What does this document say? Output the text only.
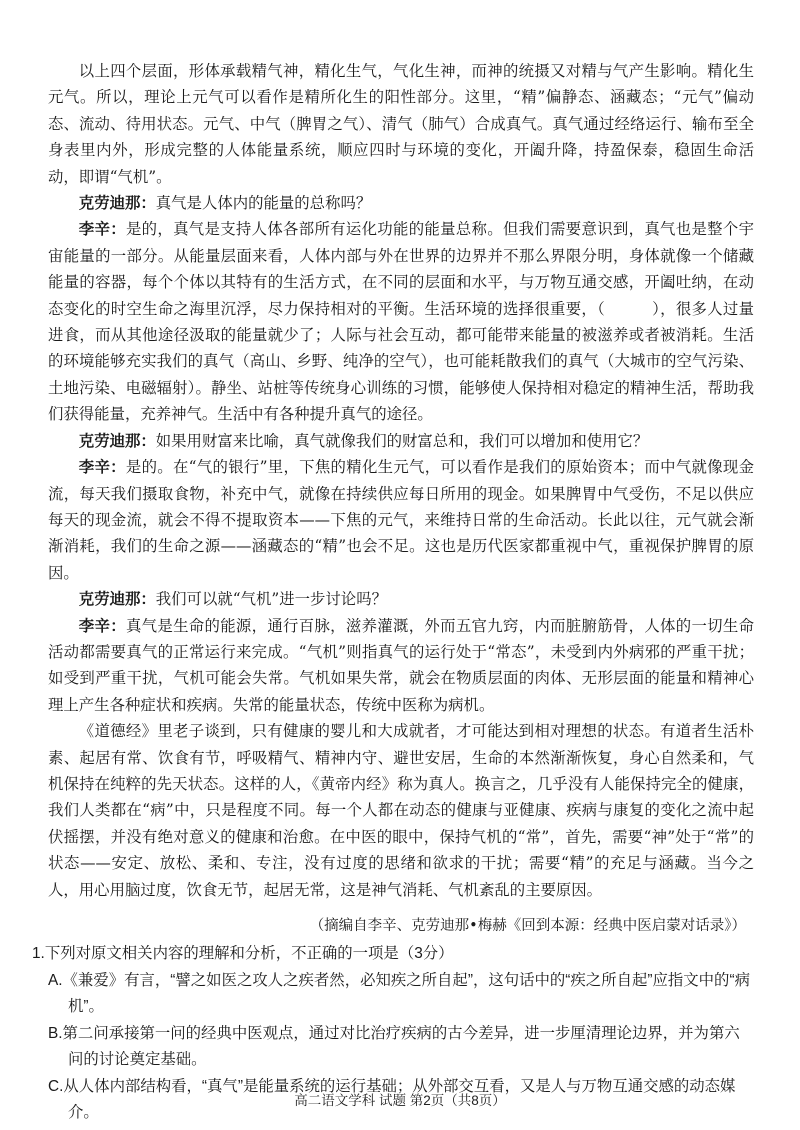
以上四个层面，形体承载精气神，精化生气，气化生神，而神的统摄又对精与气产生影响。精化生元气。所以，理论上元气可以看作是精所化生的阳性部分。这里，“精”偏静态、涵藏态；“元气”偏动态、流动、待用状态。元气、中气（脾胃之气）、清气（肺气）合成真气。真气通过经络运行、输布至全身表里内外，形成完整的人体能量系统，顺应四时与环境的变化，开阖升降，持盈保泰，稳固生命活动，即谓“气机”。

克劳迪那：真气是人体内的能量的总称吗？

李辛：是的，真气是支持人体各部所有运化功能的能量总称。但我们需要意识到，真气也是整个宇宙能量的一部分。从能量层面来看，人体内部与外在世界的边界并不那么界限分明，身体就像一个储藏能量的容器，每个个体以其特有的生活方式，在不同的层面和水平，与万物互通交感，开阖吐纳，在动态变化的时空生命之海里沉浮，尽力保持相对的平衡。生活环境的选择很重要，（　　　），很多人过量进食，而从其他途径汲取的能量就少了；人际与社会互动，都可能带来能量的被滋养或者被消耗。生活的环境能够充实我们的真气（高山、乡野、纯净的空气），也可能耗散我们的真气（大城市的空气污染、土地污染、电磁辐射）。静坐、站桩等传统身心训练的习惯，能够使人保持相对稳定的精神生活，帮助我们获得能量，充养神气。生活中有各种提升真气的途径。

克劳迪那：如果用财富来比喻，真气就像我们的财富总和，我们可以增加和使用它？

李辛：是的。在“气的银行”里，下焦的精化生元气，可以看作是我们的原始资本；而中气就像现金流，每天我们摄取食物，补充中气，就像在持续供应每日所用的现金。如果脾胃中气受伤，不足以供应每天的现金流，就会不得不提取资本——下焦的元气，来维持日常的生命活动。长此以往，元气就会渐渐消耗，我们的生命之源——涵藏态的“精”也会不足。这也是历代医家都重视中气，重视保护脾胃的原因。

克劳迪那：我们可以就“气机”进一步讨论吗？

李辛：真气是生命的能源，通行百脉，滋养灌溉，外而五官九窍，内而脏腑筋骨，人体的一切生命活动都需要真气的正常运行来完成。“气机”则指真气的运行处于“常态”，未受到内外病邪的严重干扰；如受到严重干扰，气机可能会失常。气机如果失常，就会在物质层面的肉体、无形层面的能量和精神心理上产生各种症状和疾病。失常的能量状态，传统中医称为病机。

《道德经》里老子谈到，只有健康的婴儿和大成就者，才可能达到相对理想的状态。有道者生活朴素、起居有常、饮食有节，呼吸精气、精神内守、避世安居，生命的本然渐渐恢复，身心自然柔和，气机保持在纯粹的先天状态。这样的人，《黄帝内经》称为真人。换言之，几乎没有人能保持完全的健康，我们人类都在“病”中，只是程度不同。每一个人都在动态的健康与亚健康、疾病与康复的变化之流中起伏摇摆，并没有绝对意义的健康和治愈。在中医的眼中，保持气机的“常”，首先，需要“神”处于“常”的状态——安定、放松、柔和、专注，没有过度的思绪和欲求的干扰；需要“精”的充足与涵藏。当今之人，用心用脑过度，饮食无节，起居无常，这是神气消耗、气机紊乱的主要原因。

（摘编自李辛、克劳迪那•梅赫《回到本源：经典中医启蒙对话录》）
1.下列对原文相关内容的理解和分析，不正确的一项是（3分）

A.《兼爱》有言，“譬之如医之攻人之疾者然，必知疾之所自起”，这句话中的“疾之所自起”应指文中的“病机”。

B.第二问承接第一问的经典中医观点，通过对比治疗疾病的古今差异，进一步厘清理论边界，并为第六问的讨论奠定基础。

C.从人体内部结构看，“真气”是能量系统的运行基础；从外部交互看，又是人与万物互通交感的动态媒介。

高二语文学科 试题 第2页（共8页）
